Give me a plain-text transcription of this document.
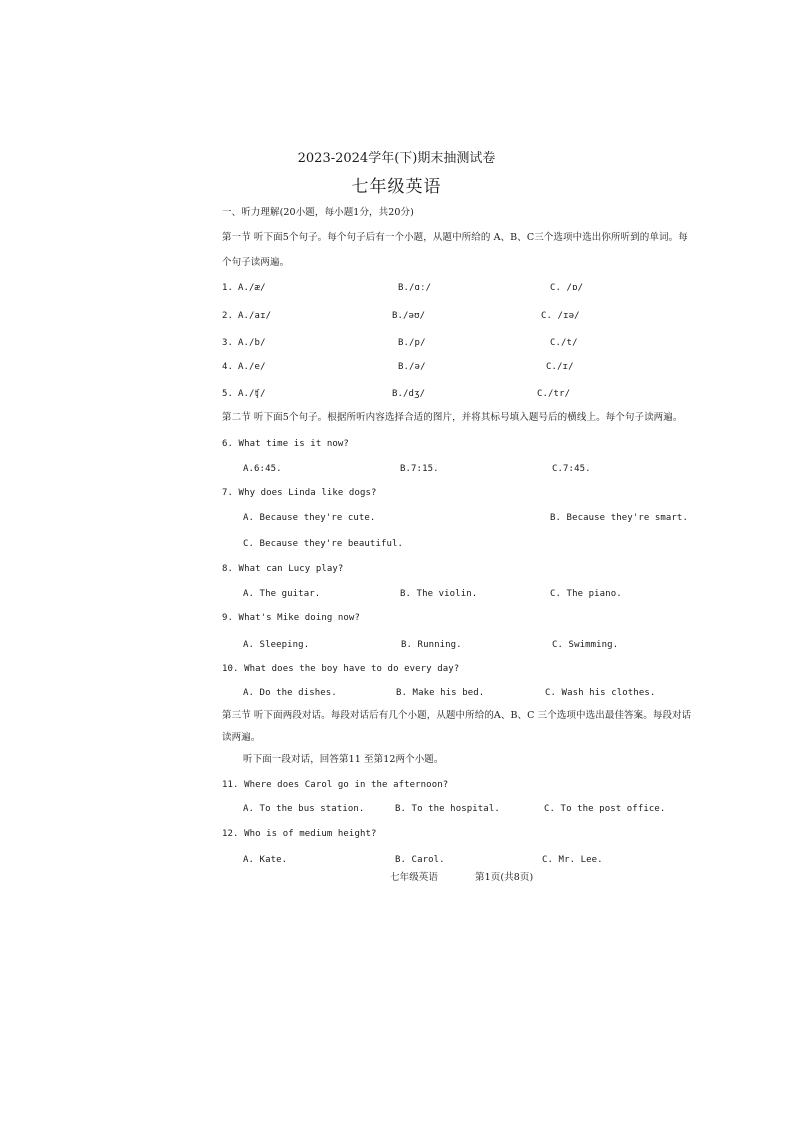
2023-2024学年(下)期末抽测试卷
七年级英语
一、听力理解(20小题，每小题1分，共20分)
第一节 听下面5个句子。每个句子后有一个小题，从题中所给的 A、B、C三个选项中选出你所听到的单词。每
个句子读两遍。
1. A./æ/	B./ɑː/	C. /ɒ/
2. A./aɪ/	B./əʊ/	C. /ɪə/
3. A./b/	B./p/	C./t/
4. A./e/	B./ə/	C./ɪ/
5. A./ʧ/	B./dʒ/	C./tr/
第二节 听下面5个句子。根据所听内容选择合适的图片，并将其标号填入题号后的横线上。每个句子读两遍。
6. What time is it now?
A.6:45.	B.7:15.	C.7:45.
7. Why does Linda like dogs?
A. Because they're cute.	B. Because they're smart.
C. Because they're beautiful.
8. What can Lucy play?
A. The guitar.	B. The violin.	C. The piano.
9. What's Mike doing now?
A. Sleeping.	B. Running.	C. Swimming.
10. What does the boy have to do every day?
A. Do the dishes.	B. Make his bed.	C. Wash his clothes.
第三节 听下面两段对话。每段对话后有几个小题，从题中所给的A、B、C 三个选项中选出最佳答案。每段对话
读两遍。
听下面一段对话，回答第11 至第12两个小题。
11. Where does Carol go in the afternoon?
A. To the bus station.	B. To the hospital.	C. To the post office.
12. Who is of medium height?
A. Kate.	B. Carol.	C. Mr. Lee.
七年级英语	第1页(共8页)
